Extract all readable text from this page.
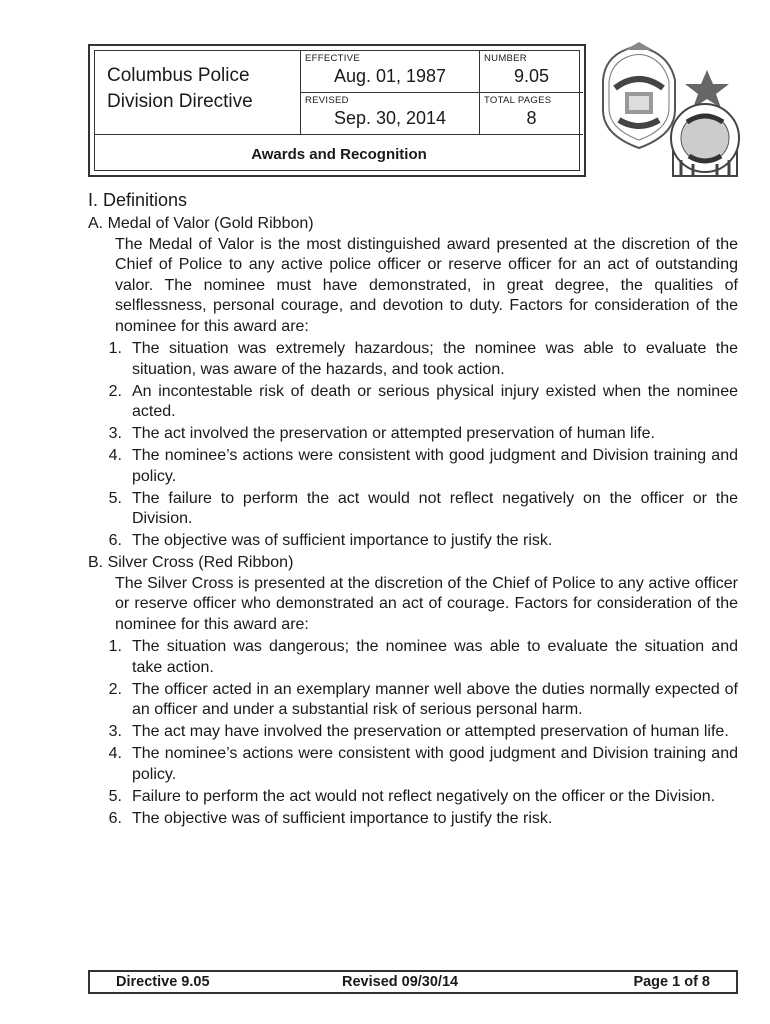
Columbus Police
Division Directive
EFFECTIVE
Aug. 01, 1987
NUMBER
9.05
REVISED
Sep. 30, 2014
TOTAL PAGES
8
Awards and Recognition
I. Definitions
A. Medal of Valor (Gold Ribbon)

The Medal of Valor is the most distinguished award presented at the discretion of the Chief of Police to any active police officer or reserve officer for an act of outstanding valor. The nominee must have demonstrated, in great degree, the qualities of selflessness, personal courage, and devotion to duty. Factors for consideration of the nominee for this award are:

1. The situation was extremely hazardous; the nominee was able to evaluate the situation, was aware of the hazards, and took action.
2. An incontestable risk of death or serious physical injury existed when the nominee acted.
3. The act involved the preservation or attempted preservation of human life.
4. The nominee’s actions were consistent with good judgment and Division training and policy.
5. The failure to perform the act would not reflect negatively on the officer or the Division.
6. The objective was of sufficient importance to justify the risk.
B. Silver Cross (Red Ribbon)

The Silver Cross is presented at the discretion of the Chief of Police to any active officer or reserve officer who demonstrated an act of courage. Factors for consideration of the nominee for this award are:

1. The situation was dangerous; the nominee was able to evaluate the situation and take action.
2. The officer acted in an exemplary manner well above the duties normally expected of an officer and under a substantial risk of serious personal harm.
3. The act may have involved the preservation or attempted preservation of human life.
4. The nominee’s actions were consistent with good judgment and Division training and policy.
5. Failure to perform the act would not reflect negatively on the officer or the Division.
6. The objective was of sufficient importance to justify the risk.
Directive 9.05	Revised 09/30/14	Page 1 of 8
